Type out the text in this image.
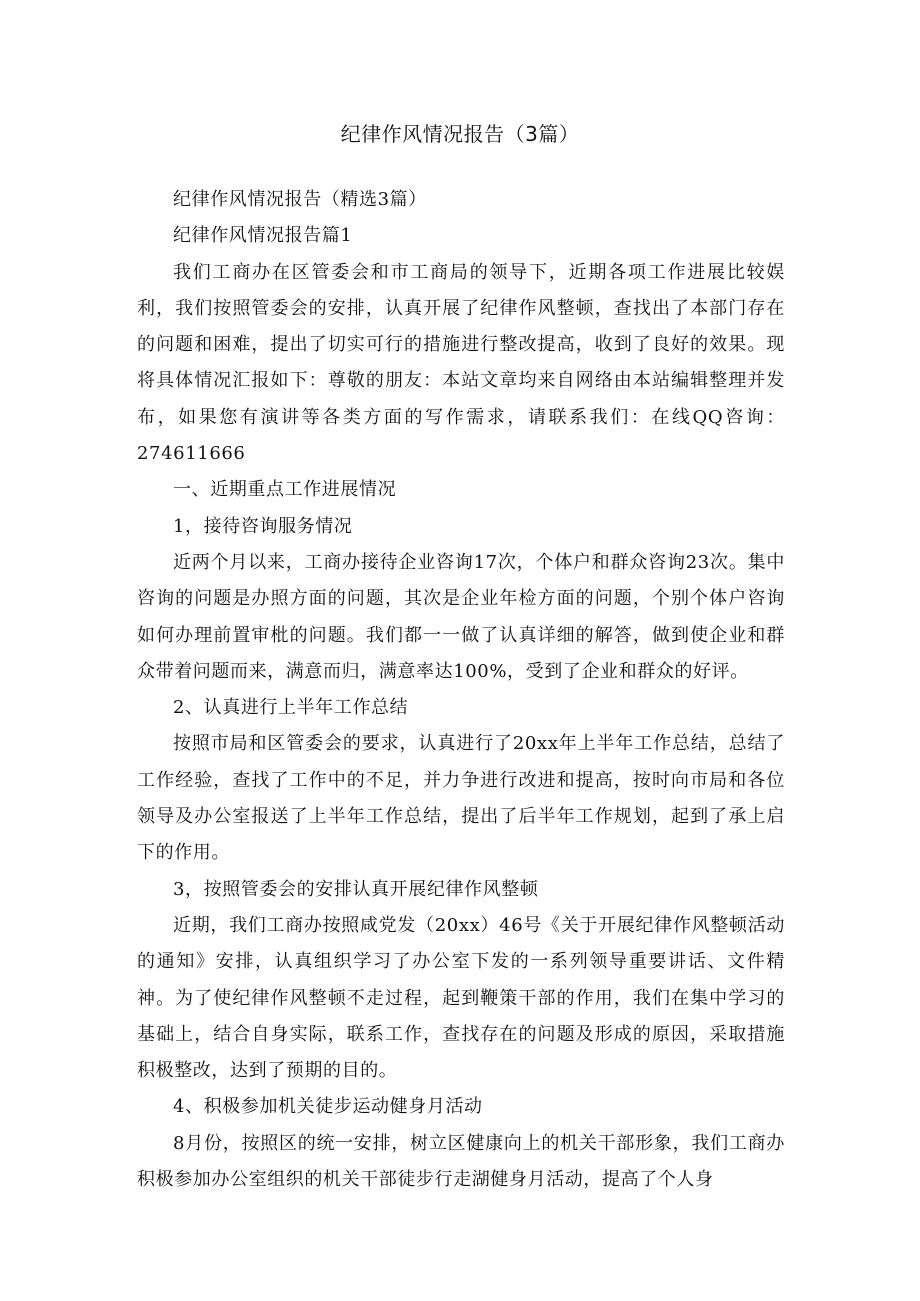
纪律作风情况报告（3篇）

纪律作风情况报告（精选3篇）

纪律作风情况报告篇1

我们工商办在区管委会和市工商局的领导下，近期各项工作进展比较娱利，我们按照管委会的安排，认真开展了纪律作风整顿，查找出了本部门存在的问题和困难，提出了切实可行的措施进行整改提高，收到了良好的效果。现将具体情况汇报如下：尊敬的朋友：本站文章均来自网络由本站编辑整理并发布，如果您有演讲等各类方面的写作需求，请联系我们：在线QQ咨询：274611666

一、近期重点工作进展情况

1，接待咨询服务情况

近两个月以来，工商办接待企业咨询17次，个体户和群众咨询23次。集中咨询的问题是办照方面的问题，其次是企业年检方面的问题，个别个体户咨询如何办理前置审枇的问题。我们都一一做了认真详细的解答，做到使企业和群众带着问题而来，满意而归，满意率达100%，受到了企业和群众的好评。

2、认真进行上半年工作总结

按照市局和区管委会的要求，认真进行了20xx年上半年工作总结，总结了工作经验，查找了工作中的不足，并力争进行改进和提高，按时向市局和各位领导及办公室报送了上半年工作总结，提出了后半年工作规划，起到了承上启下的作用。

3，按照管委会的安排认真开展纪律作风整顿

近期，我们工商办按照咸党发（20xx）46号《关于开展纪律作风整顿活动的通知》安排，认真组织学习了办公室下发的一系列领导重要讲话、文件精神。为了使纪律作风整顿不走过程，起到鞭策干部的作用，我们在集中学习的基础上，结合自身实际，联系工作，查找存在的问题及形成的原因，采取措施积极整改，达到了预期的目的。

4、积极参加机关徒步运动健身月活动

8月份，按照区的统一安排，树立区健康向上的机关干部形象，我们工商办积极参加办公室组织的机关干部徒步行走湖健身月活动，提高了个人身
